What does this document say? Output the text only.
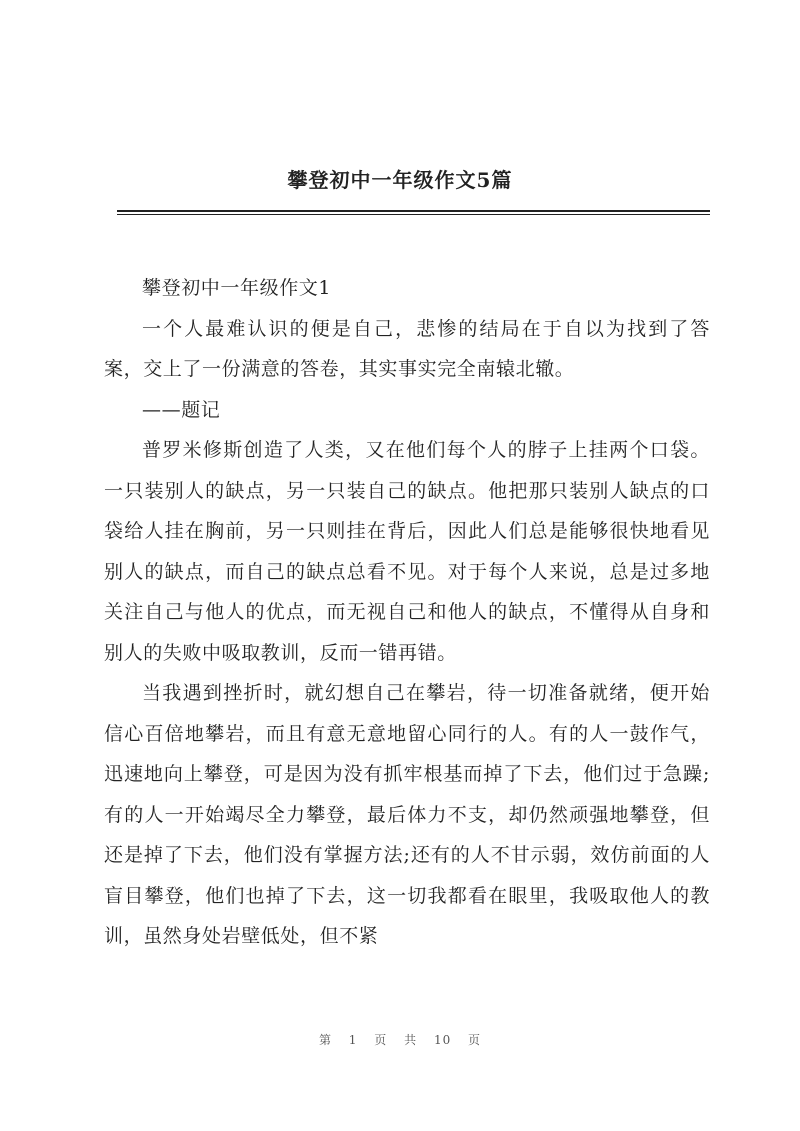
攀登初中一年级作文5篇

攀登初中一年级作文1

一个人最难认识的便是自己，悲惨的结局在于自以为找到了答案，交上了一份满意的答卷，其实事实完全南辕北辙。

——题记

普罗米修斯创造了人类，又在他们每个人的脖子上挂两个口袋。一只装别人的缺点，另一只装自己的缺点。他把那只装别人缺点的口袋给人挂在胸前，另一只则挂在背后，因此人们总是能够很快地看见别人的缺点，而自己的缺点总看不见。对于每个人来说，总是过多地关注自己与他人的优点，而无视自己和他人的缺点，不懂得从自身和别人的失败中吸取教训，反而一错再错。

当我遇到挫折时，就幻想自己在攀岩，待一切准备就绪，便开始信心百倍地攀岩，而且有意无意地留心同行的人。有的人一鼓作气，迅速地向上攀登，可是因为没有抓牢根基而掉了下去，他们过于急躁;有的人一开始竭尽全力攀登，最后体力不支，却仍然顽强地攀登，但还是掉了下去，他们没有掌握方法;还有的人不甘示弱，效仿前面的人盲目攀登，他们也掉了下去，这一切我都看在眼里，我吸取他人的教训，虽然身处岩壁低处，但不紧

第 1 页 共 10 页
